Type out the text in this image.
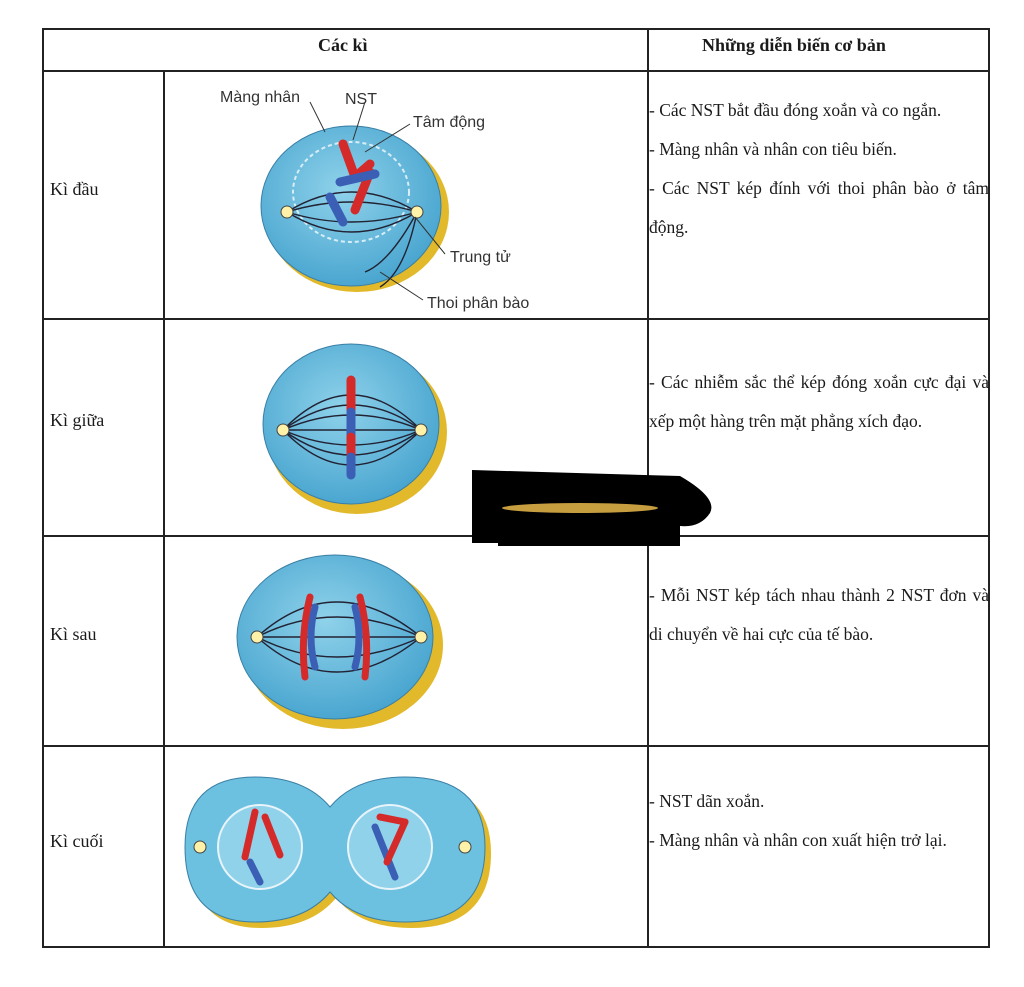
Các kì	Những diễn biến cơ bản
Kì đầu
Kì giữa
Kì sau
Kì cuối

- Các NST bắt đầu đóng xoắn và co ngắn.

- Màng nhân và nhân con tiêu biến.

- Các NST kép đính với thoi phân bào ở tâm động.

- Các nhiễm sắc thể kép đóng xoắn cực đại và xếp một hàng trên mặt phẳng xích đạo.

- Mỗi NST kép tách nhau thành 2 NST đơn và di chuyển về hai cực của tế bào.

- NST dãn xoắn.

- Màng nhân và nhân con xuất hiện trở lại.

Màng nhân	NST
Tâm động
Trung tử
Thoi phân bào
